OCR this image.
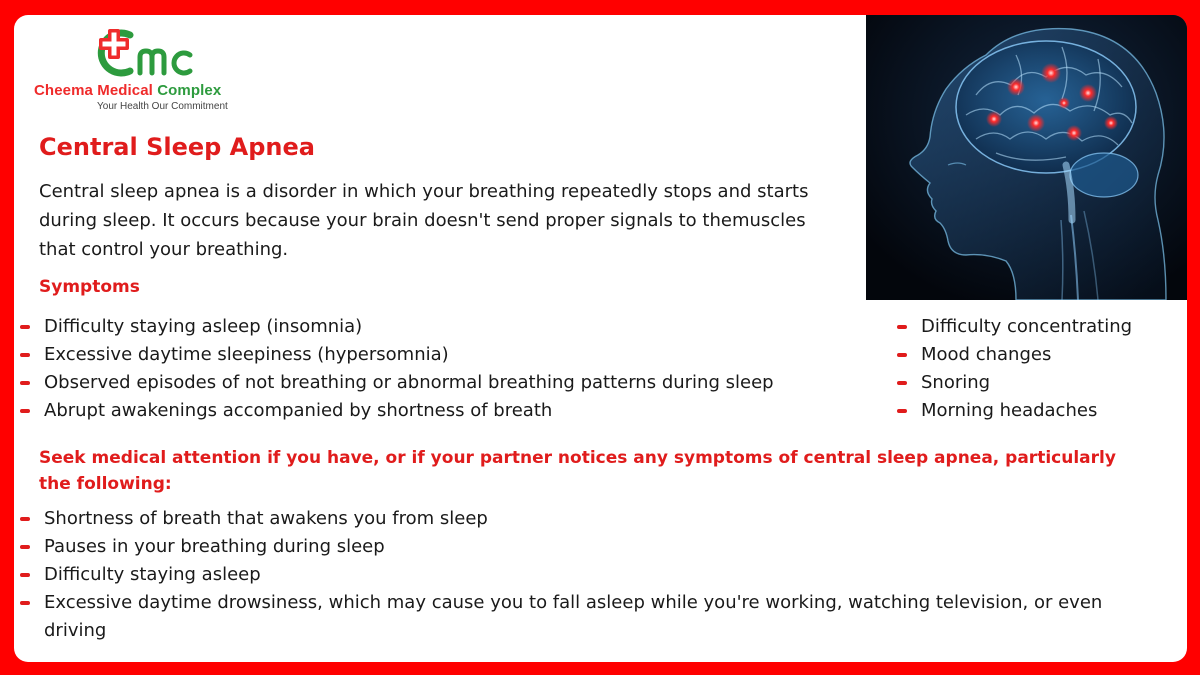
Cheema Medical Complex
Your Health Our Commitment
Central Sleep Apnea

Central sleep apnea is a disorder in which your breathing repeatedly stops and starts during sleep. It occurs because your brain doesn't send proper signals to themuscles that control your breathing.

Symptoms
Difficulty staying asleep (insomnia)
Excessive daytime sleepiness (hypersomnia)
Observed episodes of not breathing or abnormal breathing patterns during sleep
Abrupt awakenings accompanied by shortness of breath
Difficulty concentrating
Mood changes
Snoring
Morning headaches

Seek medical attention if you have, or if your partner notices any symptoms of central sleep apnea, particularly the following:

Shortness of breath that awakens you from sleep
Pauses in your breathing during sleep
Difficulty staying asleep
Excessive daytime drowsiness, which may cause you to fall asleep while you're working, watching television, or even driving
